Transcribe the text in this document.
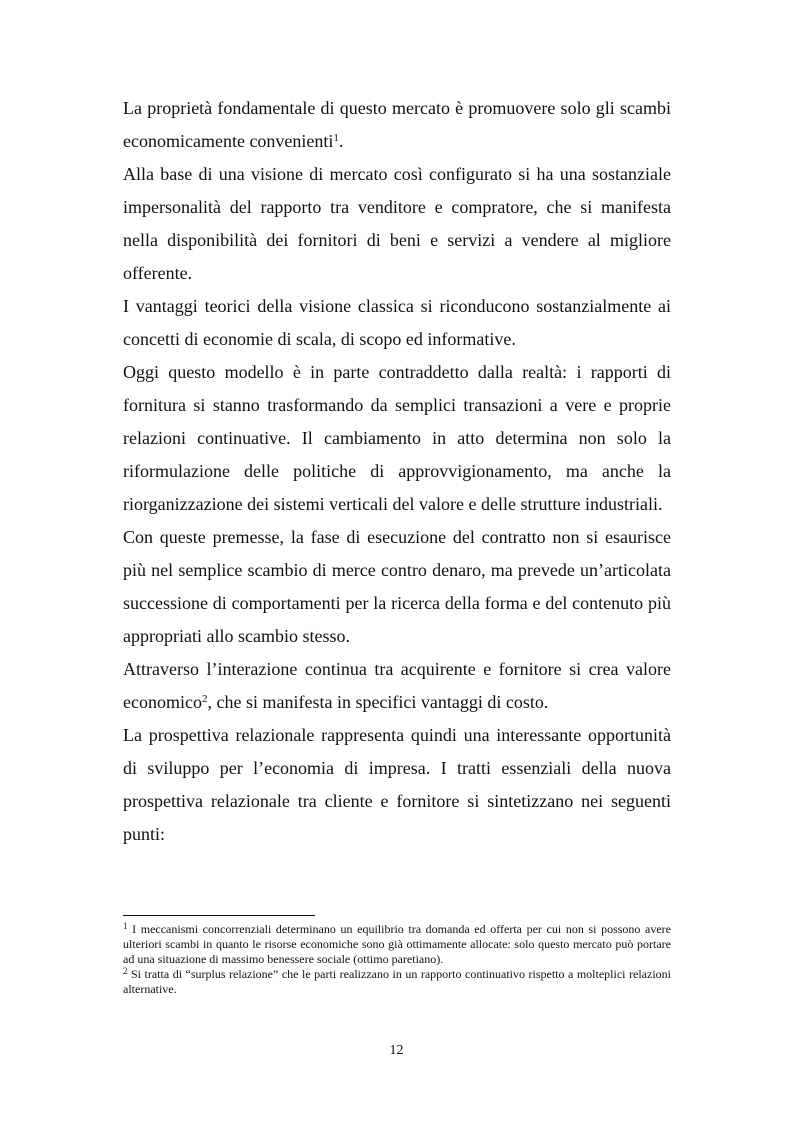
La proprietà fondamentale di questo mercato è promuovere solo gli scambi economicamente convenienti$^1$.

Alla base di una visione di mercato così configurato si ha una sostanziale impersonalità del rapporto tra venditore e compratore, che si manifesta nella disponibilità dei fornitori di beni e servizi a vendere al migliore offerente.

I vantaggi teorici della visione classica si riconducono sostanzialmente ai concetti di economie di scala, di scopo ed informative.

Oggi questo modello è in parte contraddetto dalla realtà: i rapporti di fornitura si stanno trasformando da semplici transazioni a vere e proprie relazioni continuative. Il cambiamento in atto determina non solo la riformulazione delle politiche di approvvigionamento, ma anche la riorganizzazione dei sistemi verticali del valore e delle strutture industriali.

Con queste premesse, la fase di esecuzione del contratto non si esaurisce più nel semplice scambio di merce contro denaro, ma prevede un’articolata successione di comportamenti per la ricerca della forma e del contenuto più appropriati allo scambio stesso.

Attraverso l’interazione continua tra acquirente e fornitore si crea valore economico$^2$, che si manifesta in specifici vantaggi di costo.

La prospettiva relazionale rappresenta quindi una interessante opportunità di sviluppo per l’economia di impresa. I tratti essenziali della nuova prospettiva relazionale tra cliente e fornitore si sintetizzano nei seguenti punti:

$^1$ I meccanismi concorrenziali determinano un equilibrio tra domanda ed offerta per cui non si possono avere ulteriori scambi in quanto le risorse economiche sono già ottimamente allocate: solo questo mercato può portare ad una situazione di massimo benessere sociale (ottimo paretiano).

$^2$ Si tratta di “surplus relazione” che le parti realizzano in un rapporto continuativo rispetto a molteplici relazioni alternative.

12
